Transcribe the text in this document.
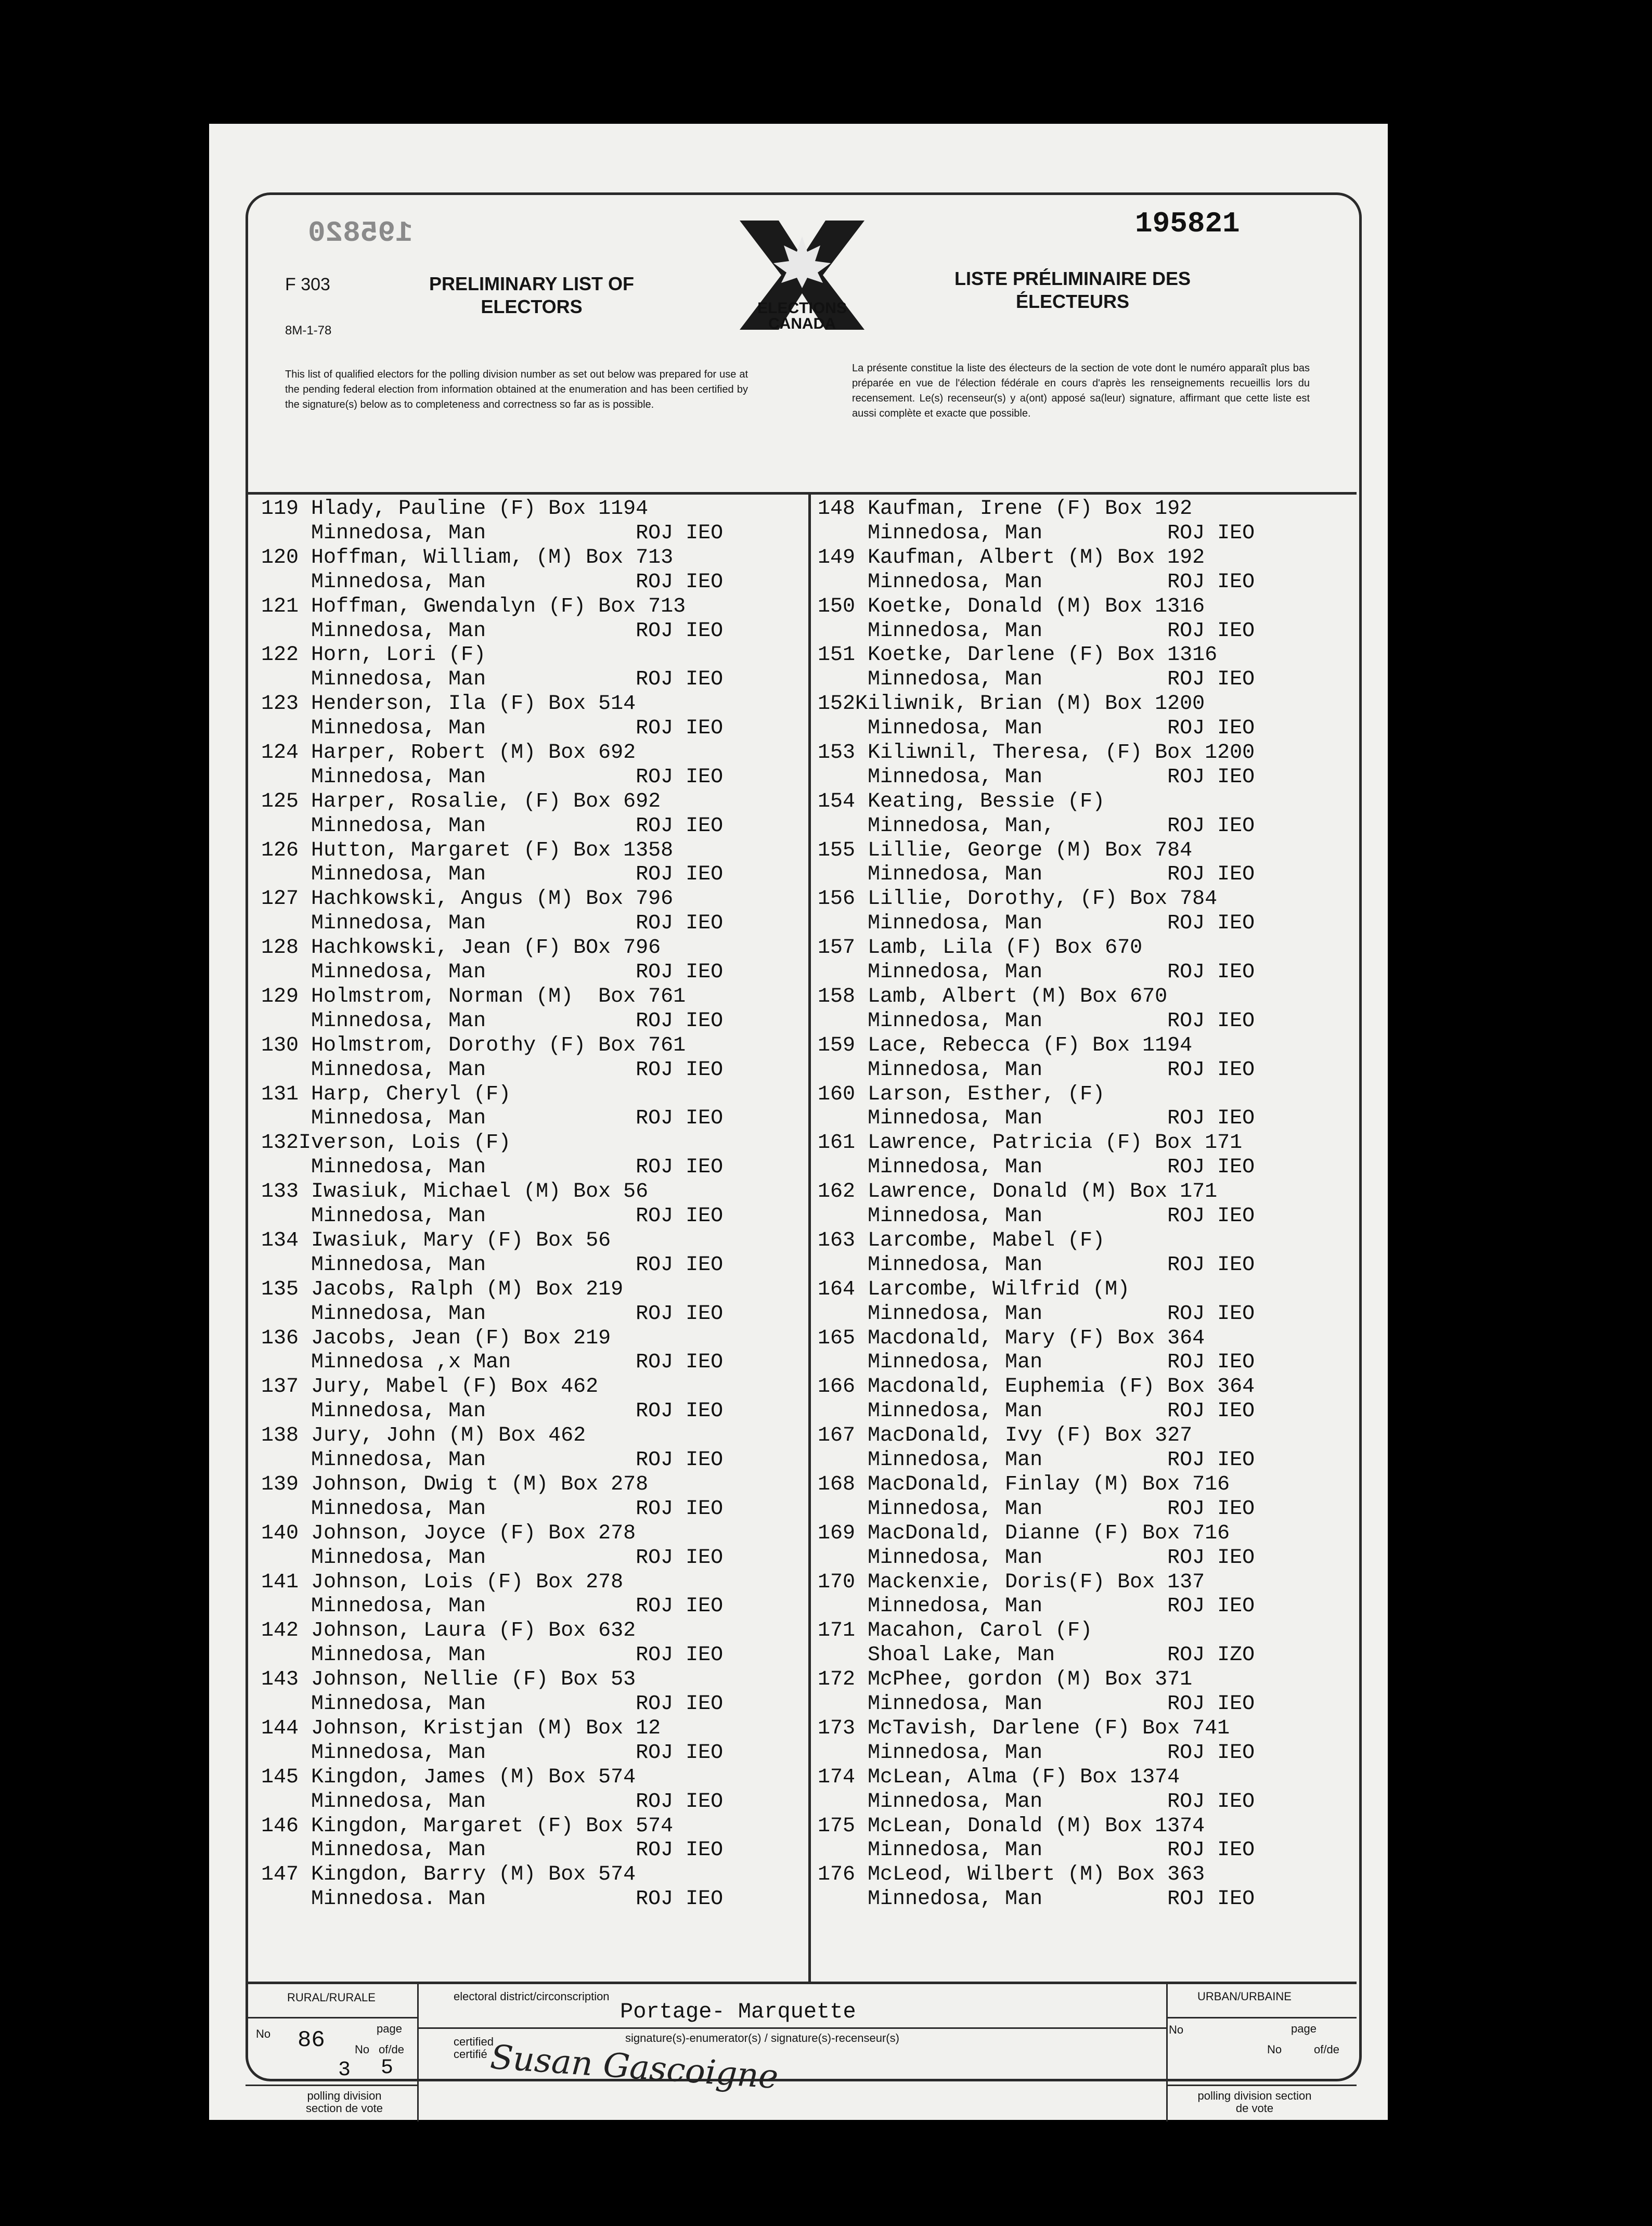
195820	195821
F 303
8M-1-78
PRELIMINARY LIST OF ELECTORS	ELECTIONS CANADA
LISTE PRÉLIMINAIRE DES ÉLECTEURS
This list of qualified electors for the polling division number as set out below was prepared for use at the pending federal election from information obtained at the enumeration and has been certified by the signature(s) below as to completeness and correctness so far as is possible.
La présente constitue la liste des électeurs de la section de vote dont le numéro apparaît plus bas préparée en vue de l'élection fédérale en cours d'après les renseignements recueillis lors du recensement. Le(s) recenseur(s) y a(ont) apposé sa(leur) signature, affirmant que cette liste est aussi complète et exacte que possible.
119 Hlady, Pauline (F) Box 1194
Minnedosa, Man            ROJ IEO
120 Hoffman, William, (M) Box 713
Minnedosa, Man            ROJ IEO
121 Hoffman, Gwendalyn (F) Box 713
Minnedosa, Man            ROJ IEO
122 Horn, Lori (F)
Minnedosa, Man            ROJ IEO
123 Henderson, Ila (F) Box 514
Minnedosa, Man            ROJ IEO
124 Harper, Robert (M) Box 692
Minnedosa, Man            ROJ IEO
125 Harper, Rosalie, (F) Box 692
Minnedosa, Man            ROJ IEO
126 Hutton, Margaret (F) Box 1358
Minnedosa, Man            ROJ IEO
127 Hachkowski, Angus (M) Box 796
Minnedosa, Man            ROJ IEO
128 Hachkowski, Jean (F) BOx 796
Minnedosa, Man            ROJ IEO
129 Holmstrom, Norman (M)  Box 761
Minnedosa, Man            ROJ IEO
130 Holmstrom, Dorothy (F) Box 761
Minnedosa, Man            ROJ IEO
131 Harp, Cheryl (F)
Minnedosa, Man            ROJ IEO
132Iverson, Lois (F)
Minnedosa, Man            ROJ IEO
133 Iwasiuk, Michael (M) Box 56
Minnedosa, Man            ROJ IEO
134 Iwasiuk, Mary (F) Box 56
Minnedosa, Man            ROJ IEO
135 Jacobs, Ralph (M) Box 219
Minnedosa, Man            ROJ IEO
136 Jacobs, Jean (F) Box 219
Minnedosa ,x Man          ROJ IEO
137 Jury, Mabel (F) Box 462
Minnedosa, Man            ROJ IEO
138 Jury, John (M) Box 462
Minnedosa, Man            ROJ IEO
139 Johnson, Dwig t (M) Box 278
Minnedosa, Man            ROJ IEO
140 Johnson, Joyce (F) Box 278
Minnedosa, Man            ROJ IEO
141 Johnson, Lois (F) Box 278
Minnedosa, Man            ROJ IEO
142 Johnson, Laura (F) Box 632
Minnedosa, Man            ROJ IEO
143 Johnson, Nellie (F) Box 53
Minnedosa, Man            ROJ IEO
144 Johnson, Kristjan (M) Box 12
Minnedosa, Man            ROJ IEO
145 Kingdon, James (M) Box 574
Minnedosa, Man            ROJ IEO
146 Kingdon, Margaret (F) Box 574
Minnedosa, Man            ROJ IEO
147 Kingdon, Barry (M) Box 574
Minnedosa. Man            ROJ IEO
148 Kaufman, Irene (F) Box 192
Minnedosa, Man          ROJ IEO
149 Kaufman, Albert (M) Box 192
Minnedosa, Man          ROJ IEO
150 Koetke, Donald (M) Box 1316
Minnedosa, Man          ROJ IEO
151 Koetke, Darlene (F) Box 1316
Minnedosa, Man          ROJ IEO
152Kiliwnik, Brian (M) Box 1200
Minnedosa, Man          ROJ IEO
153 Kiliwnil, Theresa, (F) Box 1200
Minnedosa, Man          ROJ IEO
154 Keating, Bessie (F)
Minnedosa, Man,         ROJ IEO
155 Lillie, George (M) Box 784
Minnedosa, Man          ROJ IEO
156 Lillie, Dorothy, (F) Box 784
Minnedosa, Man          ROJ IEO
157 Lamb, Lila (F) Box 670
Minnedosa, Man          ROJ IEO
158 Lamb, Albert (M) Box 670
Minnedosa, Man          ROJ IEO
159 Lace, Rebecca (F) Box 1194
Minnedosa, Man          ROJ IEO
160 Larson, Esther, (F)
Minnedosa, Man          ROJ IEO
161 Lawrence, Patricia (F) Box 171
Minnedosa, Man          ROJ IEO
162 Lawrence, Donald (M) Box 171
Minnedosa, Man          ROJ IEO
163 Larcombe, Mabel (F)
Minnedosa, Man          ROJ IEO
164 Larcombe, Wilfrid (M)
Minnedosa, Man          ROJ IEO
165 Macdonald, Mary (F) Box 364
Minnedosa, Man          ROJ IEO
166 Macdonald, Euphemia (F) Box 364
Minnedosa, Man          ROJ IEO
167 MacDonald, Ivy (F) Box 327
Minnedosa, Man          ROJ IEO
168 MacDonald, Finlay (M) Box 716
Minnedosa, Man          ROJ IEO
169 MacDonald, Dianne (F) Box 716
Minnedosa, Man          ROJ IEO
170 Mackenxie, Doris(F) Box 137
Minnedosa, Man          ROJ IEO
171 Macahon, Carol (F)
Shoal Lake, Man         ROJ IZO
172 McPhee, gordon (M) Box 371
Minnedosa, Man          ROJ IEO
173 McTavish, Darlene (F) Box 741
Minnedosa, Man          ROJ IEO
174 McLean, Alma (F) Box 1374
Minnedosa, Man          ROJ IEO
175 McLean, Donald (M) Box 1374
Minnedosa, Man          ROJ IEO
176 McLeod, Wilbert (M) Box 363
Minnedosa, Man          ROJ IEO
RURAL/RURALE
No 86	page
No
3
of/de
5
polling division section de vote
electoral district/circonscription
Portage- Marquette
certified certifié
signature(s)-enumerator(s) / signature(s)-recenseur(s)
Susan Gascoigne
URBAN/URBAINE
No	page
No	of/de
polling division section de vote
